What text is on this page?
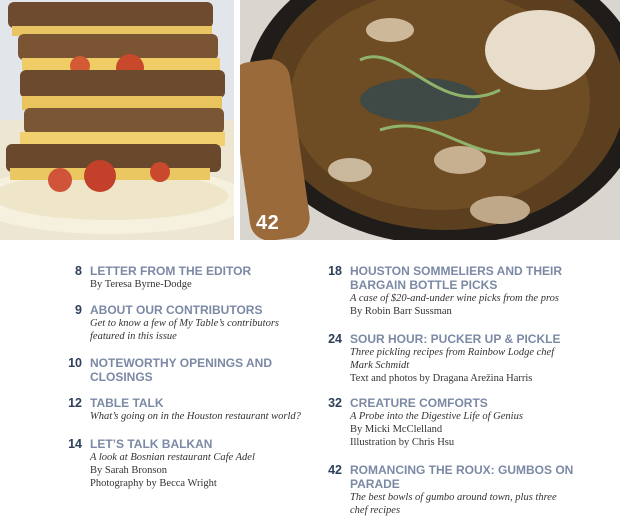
42
8 LETTER FROM THE EDITOR
By Teresa Byrne-Dodge
9 ABOUT OUR CONTRIBUTORS
Get to know a few of My Table’s contributors
featured in this issue
10 NOTEWORTHY OPENINGS AND CLOSINGS
12 TABLE TALK
What’s going on in the Houston restaurant world?
14 LET’S TALK BALKAN
A look at Bosnian restaurant Cafe Adel
By Sarah Bronson
Photography by Becca Wright
18 HOUSTON SOMMELIERS AND THEIR BARGAIN BOTTLE PICKS
A case of $20-and-under wine picks from the pros
By Robin Barr Sussman
24 SOUR HOUR: PUCKER UP & PICKLE
Three pickling recipes from Rainbow Lodge chef
Mark Schmidt
Text and photos by Dragana Arežina Harris
32 CREATURE COMFORTS
A Probe into the Digestive Life of Genius
By Micki McClelland
Illustration by Chris Hsu
42 ROMANCING THE ROUX: GUMBOS ON PARADE
The best bowls of gumbo around town, plus three
chef recipes
